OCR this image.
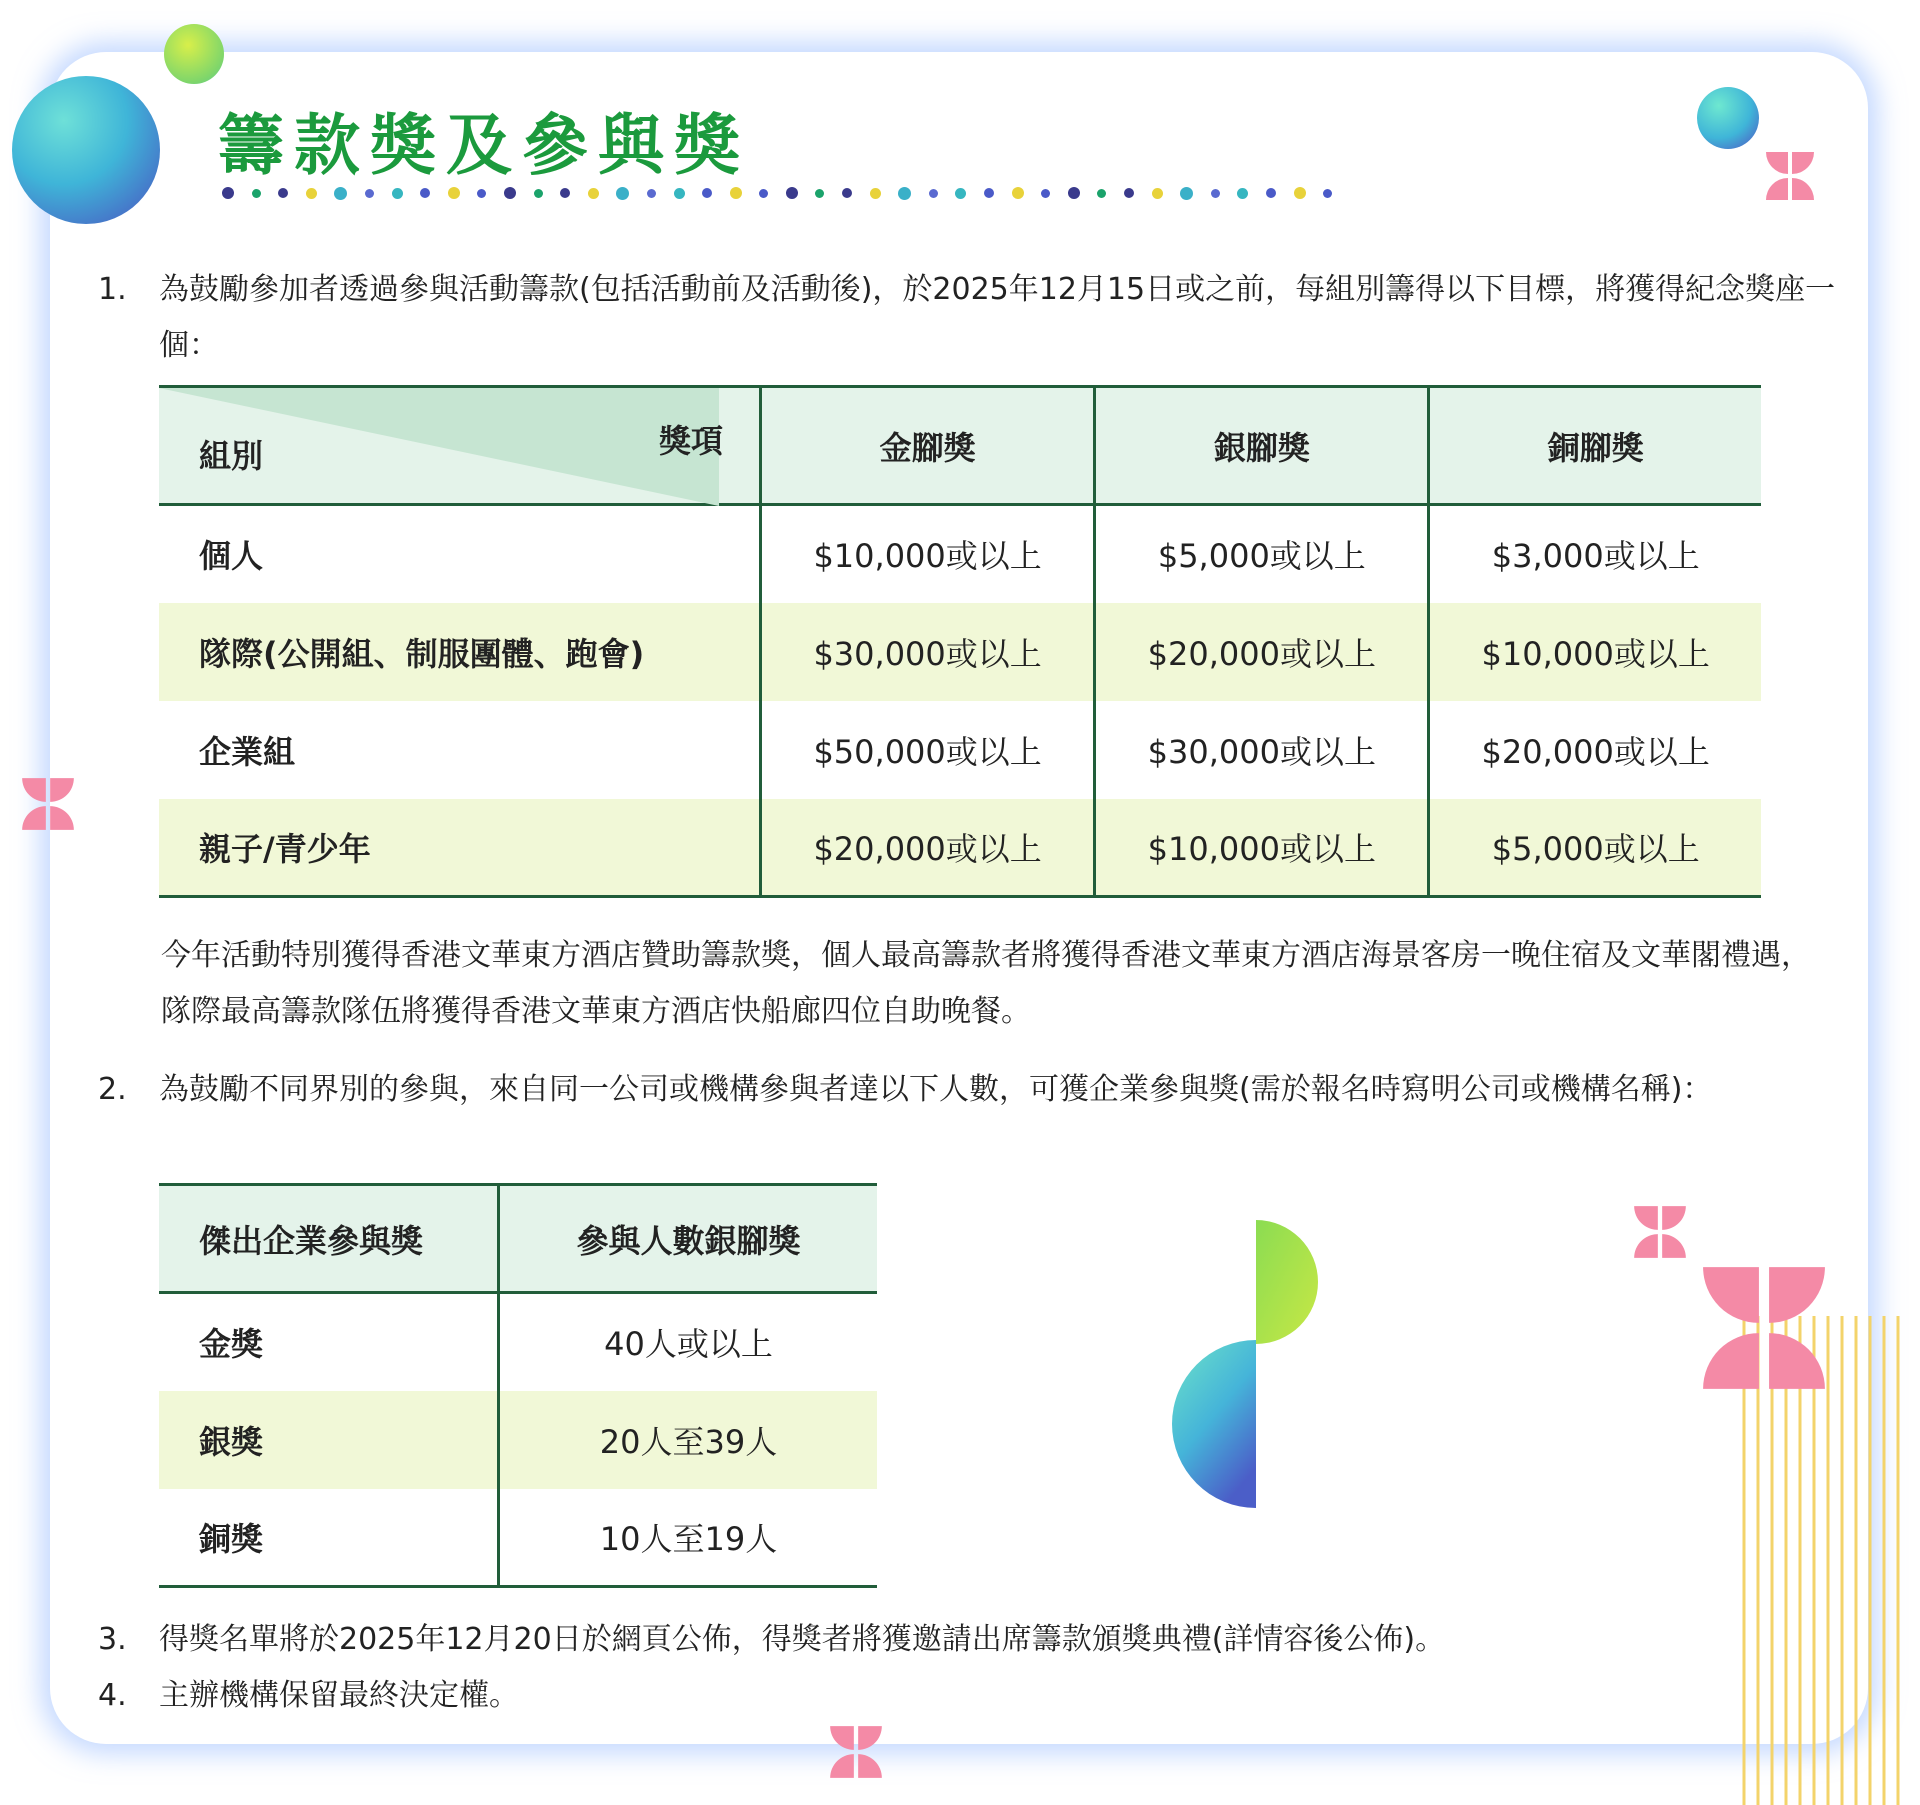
籌款獎及參與獎
1.	為鼓勵參加者透過參與活動籌款(包括活動前及活動後)，於2025年12月15日或之前，每組別籌得以下目標，將獲得紀念獎座一個：
組別 獎項	金腳獎	銀腳獎	銅腳獎
個人	$10,000或以上	$5,000或以上	$3,000或以上
隊際(公開組、制服團體、跑會)	$30,000或以上	$20,000或以上	$10,000或以上
企業組	$50,000或以上	$30,000或以上	$20,000或以上
親子/青少年	$20,000或以上	$10,000或以上	$5,000或以上
今年活動特別獲得香港文華東方酒店贊助籌款獎，個人最高籌款者將獲得香港文華東方酒店海景客房一晚住宿及文華閣禮遇，隊際最高籌款隊伍將獲得香港文華東方酒店快船廊四位自助晚餐。
2.	為鼓勵不同界別的參與，來自同一公司或機構參與者達以下人數，可獲企業參與獎(需於報名時寫明公司或機構名稱)：
傑出企業參與獎	參與人數銀腳獎
金獎	40人或以上
銀獎	20人至39人
銅獎	10人至19人
3.	得獎名單將於2025年12月20日於網頁公佈，得獎者將獲邀請出席籌款頒獎典禮(詳情容後公佈)。
4.	主辦機構保留最終決定權。
